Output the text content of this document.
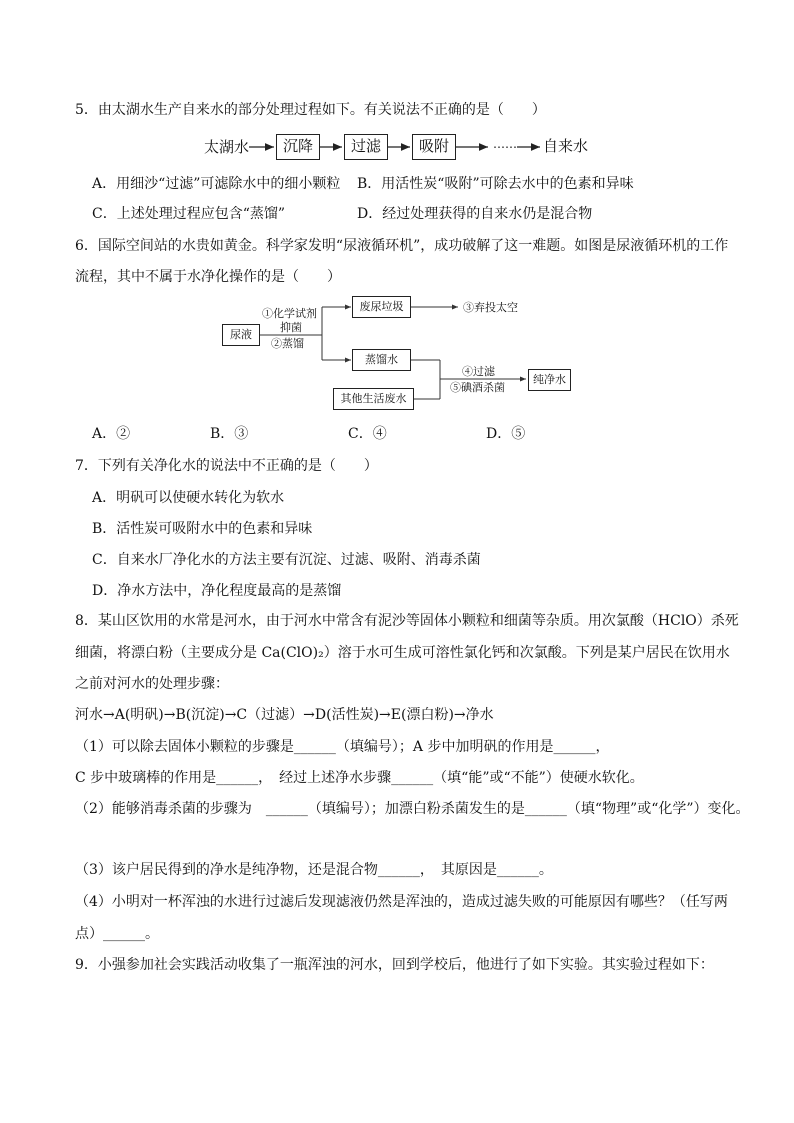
5．由太湖水生产自来水的部分处理过程如下。有关说法不正确的是（　　）
太湖水	沉降	过滤	吸附	…… 自来水
A．用细沙“过滤”可滤除水中的细小颗粒 B．用活性炭“吸附”可除去水中的色素和异味
C．上述处理过程应包含“蒸馏”	D．经过处理获得的自来水仍是混合物
6．国际空间站的水贵如黄金。科学家发明“尿液循环机”，成功破解了这一难题。如图是尿液循环机的工作
流程，其中不属于水净化操作的是（　　）
尿液
①化学试剂
抑菌
②蒸馏
废尿垃圾	③弃投太空
蒸馏水
其他生活废水
④过滤
⑤碘酒杀菌
纯净水
A．②	B．③	C．④	D．⑤
7．下列有关净化水的说法中不正确的是（　　）
A．明矾可以使硬水转化为软水
B．活性炭可吸附水中的色素和异味
C．自来水厂净化水的方法主要有沉淀、过滤、吸附、消毒杀菌
D．净水方法中，净化程度最高的是蒸馏
8．某山区饮用的水常是河水，由于河水中常含有泥沙等固体小颗粒和细菌等杂质。用次氯酸（HClO）杀死
细菌，将漂白粉（主要成分是 Ca(ClO)₂）溶于水可生成可溶性氯化钙和次氯酸。下列是某户居民在饮用水
之前对河水的处理步骤：
河水→A(明矾)→B(沉淀)→C（过滤）→D(活性炭)→E(漂白粉)→净水
（1）可以除去固体小颗粒的步骤是______（填编号）；A 步中加明矾的作用是______，
C 步中玻璃棒的作用是______，　经过上述净水步骤______（填“能”或“不能”）使硬水软化。
（2）能够消毒杀菌的步骤为　______（填编号）；加漂白粉杀菌发生的是______（填“物理”或“化学”）变化。
（3）该户居民得到的净水是纯净物，还是混合物______，　其原因是______。
（4）小明对一杯浑浊的水进行过滤后发现滤液仍然是浑浊的，造成过滤失败的可能原因有哪些？（任写两
点）______。
9．小强参加社会实践活动收集了一瓶浑浊的河水，回到学校后，他进行了如下实验。其实验过程如下：
